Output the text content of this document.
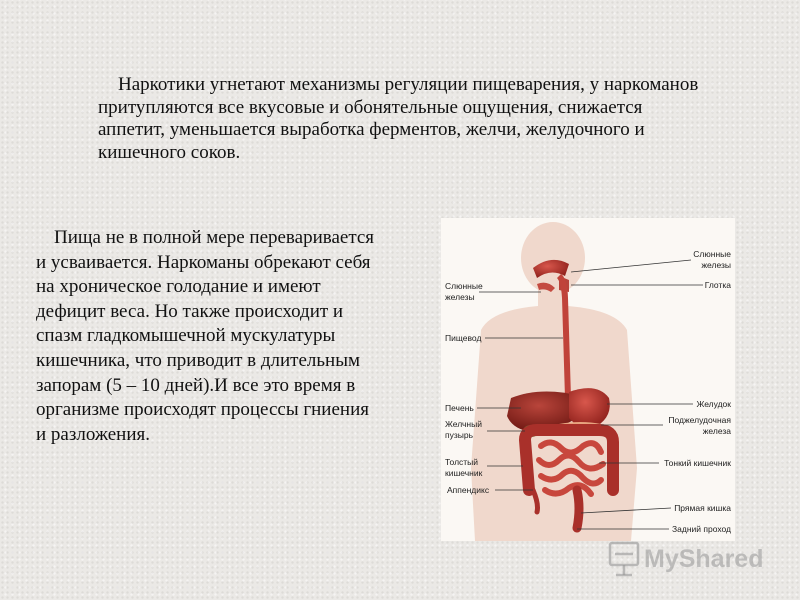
Наркотики угнетают механизмы регуляции пищеварения, у наркоманов притупляются все вкусовые и обонятельные ощущения, снижается аппетит, уменьшается выработка ферментов, желчи, желудочного и кишечного соков.

Пища не в полной мере переваривается и усваивается. Наркоманы обрекают себя на хроническое голодание и имеют дефицит веса. Но также происходит и спазм гладкомышечной мускулатуры кишечника, что приводит в длительным запорам (5 – 10 дней).И все это время в организме происходят процессы гниения и разложения.

Слюнные
железы
Пищевод
Печень
Желчный
пузырь
Толстый
кишечник
Аппендикс
Слюнные
железы
Глотка
Желудок
Поджелудочная
железа
Тонкий кишечник
Прямая кишка
Задний проход
MyShared
